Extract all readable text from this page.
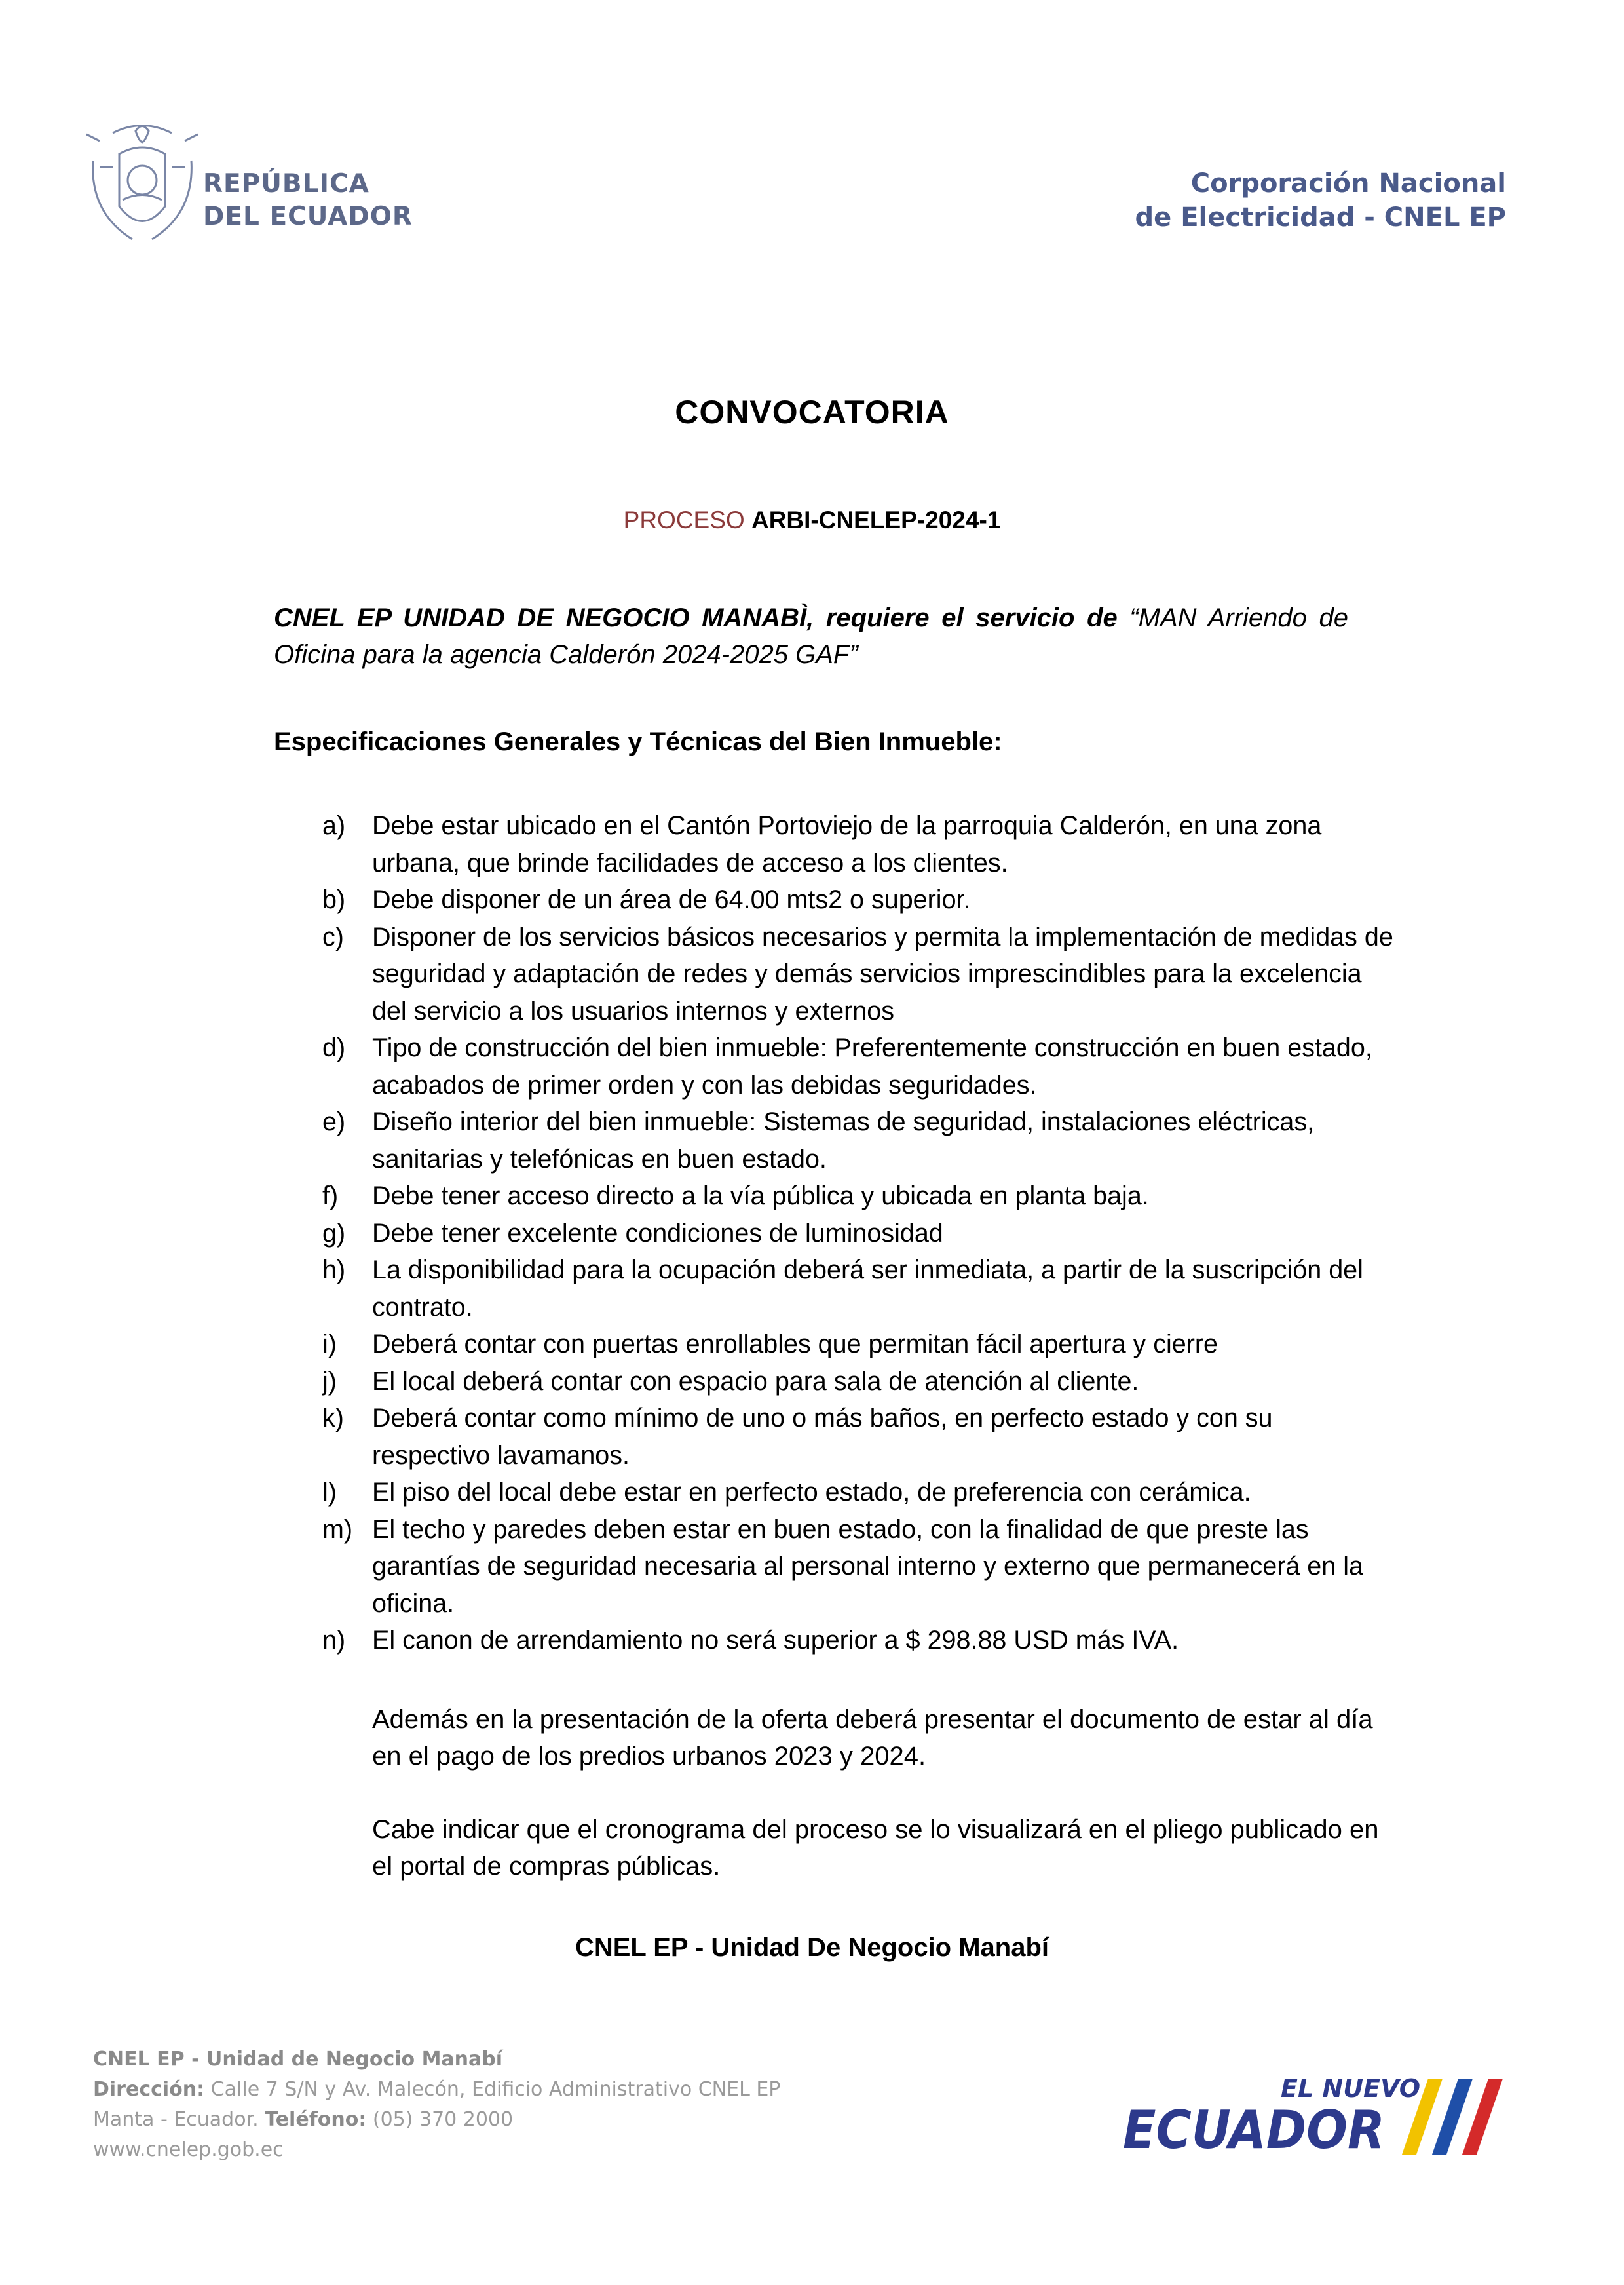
REPÚBLICA
DEL ECUADOR
Corporación Nacional
de Electricidad - CNEL EP
CONVOCATORIA
PROCESO ARBI-CNELEP-2024-1
CNEL EP UNIDAD DE NEGOCIO MANABÌ, requiere el servicio de “MAN Arriendo de Oficina para la agencia Calderón 2024-2025 GAF”
Especificaciones Generales y Técnicas del Bien Inmueble:
a)	Debe estar ubicado en el Cantón Portoviejo de la parroquia Calderón, en una zona urbana, que brinde facilidades de acceso a los clientes.
b)	Debe disponer de un área de 64.00 mts2 o superior.
c)	Disponer de los servicios básicos necesarios y permita la implementación de medidas de seguridad y adaptación de redes y demás servicios imprescindibles para la excelencia del servicio a los usuarios internos y externos
d)	Tipo de construcción del bien inmueble: Preferentemente construcción en buen estado, acabados de primer orden y con las debidas seguridades.
e)	Diseño interior del bien inmueble: Sistemas de seguridad, instalaciones eléctricas, sanitarias y telefónicas en buen estado.
f)	Debe tener acceso directo a la vía pública y ubicada en planta baja.
g)	Debe tener excelente condiciones de luminosidad
h)	La disponibilidad para la ocupación deberá ser inmediata, a partir de la suscripción del contrato.
i)	Deberá contar con puertas enrollables que permitan fácil apertura y cierre
j)	El local deberá contar con espacio para sala de atención al cliente.
k)	Deberá contar como mínimo de uno o más baños, en perfecto estado y con su respectivo lavamanos.
l)	El piso del local debe estar en perfecto estado, de preferencia con cerámica.
m) El techo y paredes deben estar en buen estado, con la finalidad de que preste las garantías de seguridad necesaria al personal interno y externo que permanecerá en la oficina.
n)	El canon de arrendamiento no será superior a $ 298.88 USD más IVA.
Además en la presentación de la oferta deberá presentar el documento de estar al día en el pago de los predios urbanos 2023 y 2024.
Cabe indicar que el cronograma del proceso se lo visualizará en el pliego publicado en el portal de compras públicas.
CNEL EP - Unidad De Negocio Manabí
CNEL EP - Unidad de Negocio Manabí
Dirección: Calle 7 S/N y Av. Malecón, Edificio Administrativo CNEL EP
Manta - Ecuador. Teléfono: (05) 370 2000
www.cnelep.gob.ec
EL NUEVO
ECUADOR
